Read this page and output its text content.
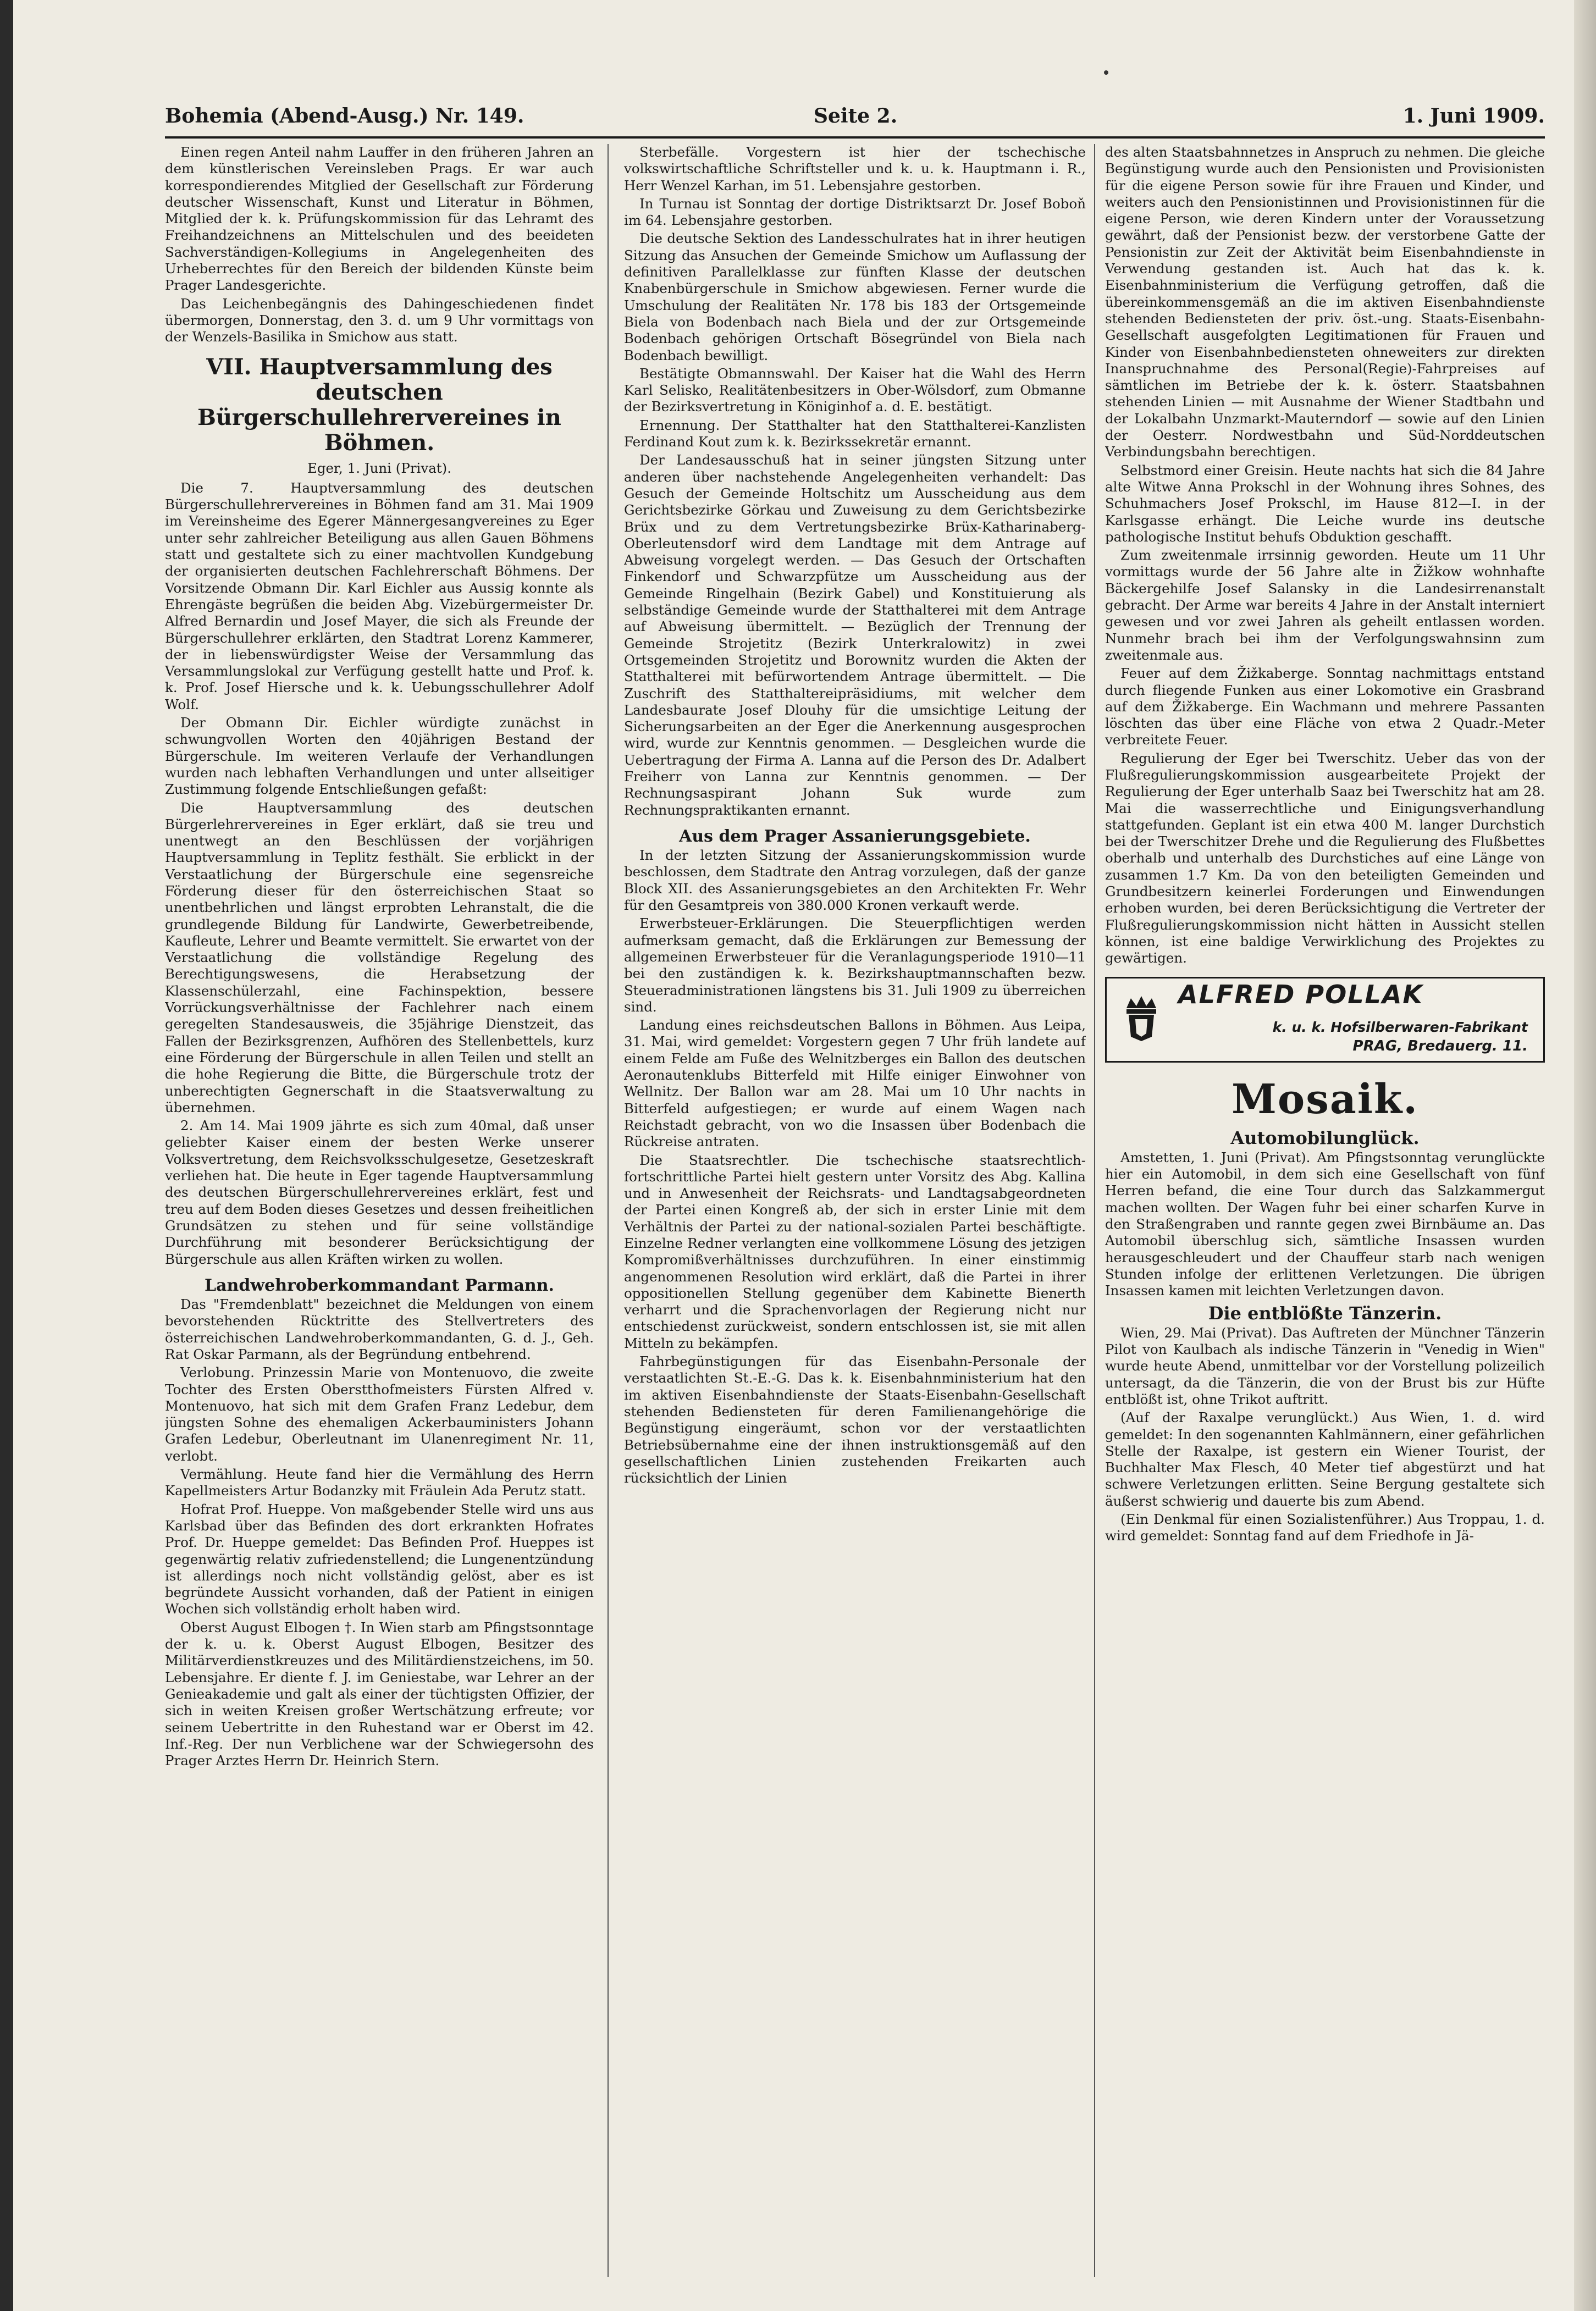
Bohemia (Abend-Ausg.) Nr. 149.	Seite 2.	1. Juni 1909.

Einen regen Anteil nahm Lauffer in den früheren Jahren an dem künstlerischen Vereinsleben Prags. Er war auch korrespondierendes Mitglied der Gesellschaft zur Förderung deutscher Wissenschaft, Kunst und Literatur in Böhmen, Mitglied der k. k. Prüfungskommission für das Lehramt des Freihandzeichnens an Mittelschulen und des beeideten Sachverständigen-Kollegiums in Angelegenheiten des Urheberrechtes für den Bereich der bildenden Künste beim Prager Landesgerichte.

Das Leichenbegängnis des Dahingeschiedenen findet übermorgen, Donnerstag, den 3. d. um 9 Uhr vormittags von der Wenzels-Basilika in Smichow aus statt.

VII. Hauptversammlung des deutschen Bürgerschullehrervereines in Böhmen.
Eger, 1. Juni (Privat).

Die 7. Hauptversammlung des deutschen Bürgerschullehrervereines in Böhmen fand am 31. Mai 1909 im Vereinsheime des Egerer Männergesangvereines zu Eger unter sehr zahlreicher Beteiligung aus allen Gauen Böhmens statt und gestaltete sich zu einer machtvollen Kundgebung der organisierten deutschen Fachlehrerschaft Böhmens. Der Vorsitzende Obmann Dir. Karl Eichler aus Aussig konnte als Ehrengäste begrüßen die beiden Abg. Vizebürgermeister Dr. Alfred Bernardin und Josef Mayer, die sich als Freunde der Bürgerschullehrer erklärten, den Stadtrat Lorenz Kammerer, der in liebenswürdigster Weise der Versammlung das Versammlungslokal zur Verfügung gestellt hatte und Prof. k. k. Prof. Josef Hiersche und k. k. Uebungsschullehrer Adolf Wolf.

Der Obmann Dir. Eichler würdigte zunächst in schwungvollen Worten den 40jährigen Bestand der Bürgerschule. Im weiteren Verlaufe der Verhandlungen wurden nach lebhaften Verhandlungen und unter allseitiger Zustimmung folgende Entschließungen gefaßt:

Die Hauptversammlung des deutschen Bürgerlehrervereines in Eger erklärt, daß sie treu und unentwegt an den Beschlüssen der vorjährigen Hauptversammlung in Teplitz festhält. Sie erblickt in der Verstaatlichung der Bürgerschule eine segensreiche Förderung dieser für den österreichischen Staat so unentbehrlichen und längst erprobten Lehranstalt, die die grundlegende Bildung für Landwirte, Gewerbetreibende, Kaufleute, Lehrer und Beamte vermittelt. Sie erwartet von der Verstaatlichung die vollständige Regelung des Berechtigungswesens, die Herabsetzung der Klassenschülerzahl, eine Fachinspektion, bessere Vorrückungsverhältnisse der Fachlehrer nach einem geregelten Standesausweis, die 35jährige Dienstzeit, das Fallen der Bezirksgrenzen, Aufhören des Stellenbettels, kurz eine Förderung der Bürgerschule in allen Teilen und stellt an die hohe Regierung die Bitte, die Bürgerschule trotz der unberechtigten Gegnerschaft in die Staatsverwaltung zu übernehmen.

2. Am 14. Mai 1909 jährte es sich zum 40mal, daß unser geliebter Kaiser einem der besten Werke unserer Volksvertretung, dem Reichsvolksschulgesetze, Gesetzeskraft verliehen hat. Die heute in Eger tagende Hauptversammlung des deutschen Bürgerschullehrervereines erklärt, fest und treu auf dem Boden dieses Gesetzes und dessen freiheitlichen Grundsätzen zu stehen und für seine vollständige Durchführung mit besonderer Berücksichtigung der Bürgerschule aus allen Kräften wirken zu wollen.

Landwehroberkommandant Parmann.

Das "Fremdenblatt" bezeichnet die Meldungen von einem bevorstehenden Rücktritte des Stellvertreters des österreichischen Landwehroberkommandanten, G. d. J., Geh. Rat Oskar Parmann, als der Begründung entbehrend.

Verlobung. Prinzessin Marie von Montenuovo, die zweite Tochter des Ersten Oberstthofmeisters Fürsten Alfred v. Montenuovo, hat sich mit dem Grafen Franz Ledebur, dem jüngsten Sohne des ehemaligen Ackerbauministers Johann Grafen Ledebur, Oberleutnant im Ulanenregiment Nr. 11, verlobt.

Vermählung. Heute fand hier die Vermählung des Herrn Kapellmeisters Artur Bodanzky mit Fräulein Ada Perutz statt.

Hofrat Prof. Hueppe. Von maßgebender Stelle wird uns aus Karlsbad über das Befinden des dort erkrankten Hofrates Prof. Dr. Hueppe gemeldet: Das Befinden Prof. Hueppes ist gegenwärtig relativ zufriedenstellend; die Lungenentzündung ist allerdings noch nicht vollständig gelöst, aber es ist begründete Aussicht vorhanden, daß der Patient in einigen Wochen sich vollständig erholt haben wird.

Oberst August Elbogen †. In Wien starb am Pfingstsonntage der k. u. k. Oberst August Elbogen, Besitzer des Militärverdienstkreuzes und des Militärdienstzeichens, im 50. Lebensjahre. Er diente f. J. im Geniestabe, war Lehrer an der Genieakademie und galt als einer der tüchtigsten Offizier, der sich in weiten Kreisen großer Wertschätzung erfreute; vor seinem Uebertritte in den Ruhestand war er Oberst im 42. Inf.-Reg. Der nun Verblichene war der Schwiegersohn des Prager Arztes Herrn Dr. Heinrich Stern.

Sterbefälle. Vorgestern ist hier der tschechische volkswirtschaftliche Schriftsteller und k. u. k. Hauptmann i. R., Herr Wenzel Karhan, im 51. Lebensjahre gestorben.

In Turnau ist Sonntag der dortige Distriktsarzt Dr. Josef Boboň im 64. Lebensjahre gestorben.

Die deutsche Sektion des Landesschulrates hat in ihrer heutigen Sitzung das Ansuchen der Gemeinde Smichow um Auflassung der definitiven Parallelklasse zur fünften Klasse der deutschen Knabenbürgerschule in Smichow abgewiesen. Ferner wurde die Umschulung der Realitäten Nr. 178 bis 183 der Ortsgemeinde Biela von Bodenbach nach Biela und der zur Ortsgemeinde Bodenbach gehörigen Ortschaft Bösegründel von Biela nach Bodenbach bewilligt.

Bestätigte Obmannswahl. Der Kaiser hat die Wahl des Herrn Karl Selisko, Realitätenbesitzers in Ober-Wölsdorf, zum Obmanne der Bezirksvertretung in Königinhof a. d. E. bestätigt.

Ernennung. Der Statthalter hat den Statthalterei-Kanzlisten Ferdinand Kout zum k. k. Bezirkssekretär ernannt.

Der Landesausschuß hat in seiner jüngsten Sitzung unter anderen über nachstehende Angelegenheiten verhandelt: Das Gesuch der Gemeinde Holtschitz um Ausscheidung aus dem Gerichtsbezirke Görkau und Zuweisung zu dem Gerichtsbezirke Brüx und zu dem Vertretungsbezirke Brüx-Katharinaberg-Oberleutensdorf wird dem Landtage mit dem Antrage auf Abweisung vorgelegt werden. — Das Gesuch der Ortschaften Finkendorf und Schwarzpfütze um Ausscheidung aus der Gemeinde Ringelhain (Bezirk Gabel) und Konstituierung als selbständige Gemeinde wurde der Statthalterei mit dem Antrage auf Abweisung übermittelt. — Bezüglich der Trennung der Gemeinde Strojetitz (Bezirk Unterkralowitz) in zwei Ortsgemeinden Strojetitz und Borownitz wurden die Akten der Statthalterei mit befürwortendem Antrage übermittelt. — Die Zuschrift des Statthaltereipräsidiums, mit welcher dem Landesbaurate Josef Dlouhy für die umsichtige Leitung der Sicherungsarbeiten an der Eger die Anerkennung ausgesprochen wird, wurde zur Kenntnis genommen. — Desgleichen wurde die Uebertragung der Firma A. Lanna auf die Person des Dr. Adalbert Freiherr von Lanna zur Kenntnis genommen. — Der Rechnungsaspirant Johann Suk wurde zum Rechnungspraktikanten ernannt.

Aus dem Prager Assanierungsgebiete.

In der letzten Sitzung der Assanierungskommission wurde beschlossen, dem Stadtrate den Antrag vorzulegen, daß der ganze Block XII. des Assanierungsgebietes an den Architekten Fr. Wehr für den Gesamtpreis von 380.000 Kronen verkauft werde.

Erwerbsteuer-Erklärungen. Die Steuerpflichtigen werden aufmerksam gemacht, daß die Erklärungen zur Bemessung der allgemeinen Erwerbsteuer für die Veranlagungsperiode 1910—11 bei den zuständigen k. k. Bezirkshauptmannschaften bezw. Steueradministrationen längstens bis 31. Juli 1909 zu überreichen sind.

Landung eines reichsdeutschen Ballons in Böhmen. Aus Leipa, 31. Mai, wird gemeldet: Vorgestern gegen 7 Uhr früh landete auf einem Felde am Fuße des Welnitzberges ein Ballon des deutschen Aeronautenklubs Bitterfeld mit Hilfe einiger Einwohner von Wellnitz. Der Ballon war am 28. Mai um 10 Uhr nachts in Bitterfeld aufgestiegen; er wurde auf einem Wagen nach Reichstadt gebracht, von wo die Insassen über Bodenbach die Rückreise antraten.

Die Staatsrechtler. Die tschechische staatsrechtlich-fortschrittliche Partei hielt gestern unter Vorsitz des Abg. Kallina und in Anwesenheit der Reichsrats- und Landtagsabgeordneten der Partei einen Kongreß ab, der sich in erster Linie mit dem Verhältnis der Partei zu der national-sozialen Partei beschäftigte. Einzelne Redner verlangten eine vollkommene Lösung des jetzigen Kompromißverhältnisses durchzuführen. In einer einstimmig angenommenen Resolution wird erklärt, daß die Partei in ihrer oppositionellen Stellung gegenüber dem Kabinette Bienerth verharrt und die Sprachenvorlagen der Regierung nicht nur entschiedenst zurückweist, sondern entschlossen ist, sie mit allen Mitteln zu bekämpfen.

Fahrbegünstigungen für das Eisenbahn-Personale der verstaatlichten St.-E.-G. Das k. k. Eisenbahnministerium hat den im aktiven Eisenbahndienste der Staats-Eisenbahn-Gesellschaft stehenden Bediensteten für deren Familienangehörige die Begünstigung eingeräumt, schon vor der verstaatlichten Betriebsübernahme eine der ihnen instruktionsgemäß auf den gesellschaftlichen Linien zustehenden Freikarten auch rücksichtlich der Linien

des alten Staatsbahnnetzes in Anspruch zu nehmen. Die gleiche Begünstigung wurde auch den Pensionisten und Provisionisten für die eigene Person sowie für ihre Frauen und Kinder, und weiters auch den Pensionistinnen und Provisionistinnen für die eigene Person, wie deren Kindern unter der Voraussetzung gewährt, daß der Pensionist bezw. der verstorbene Gatte der Pensionistin zur Zeit der Aktivität beim Eisenbahndienste in Verwendung gestanden ist. Auch hat das k. k. Eisenbahnministerium die Verfügung getroffen, daß die übereinkommensgemäß an die im aktiven Eisenbahndienste stehenden Bediensteten der priv. öst.-ung. Staats-Eisenbahn-Gesellschaft ausgefolgten Legitimationen für Frauen und Kinder von Eisenbahnbediensteten ohneweiters zur direkten Inanspruchnahme des Personal(Regie)-Fahrpreises auf sämtlichen im Betriebe der k. k. österr. Staatsbahnen stehenden Linien — mit Ausnahme der Wiener Stadtbahn und der Lokalbahn Unzmarkt-Mauterndorf — sowie auf den Linien der Oesterr. Nordwestbahn und Süd-Norddeutschen Verbindungsbahn berechtigen.

Selbstmord einer Greisin. Heute nachts hat sich die 84 Jahre alte Witwe Anna Prokschl in der Wohnung ihres Sohnes, des Schuhmachers Josef Prokschl, im Hause 812—I. in der Karlsgasse erhängt. Die Leiche wurde ins deutsche pathologische Institut behufs Obduktion geschafft.

Zum zweitenmale irrsinnig geworden. Heute um 11 Uhr vormittags wurde der 56 Jahre alte in Žižkow wohnhafte Bäckergehilfe Josef Salansky in die Landesirrenanstalt gebracht. Der Arme war bereits 4 Jahre in der Anstalt interniert gewesen und vor zwei Jahren als geheilt entlassen worden. Nunmehr brach bei ihm der Verfolgungswahnsinn zum zweitenmale aus.

Feuer auf dem Žižkaberge. Sonntag nachmittags entstand durch fliegende Funken aus einer Lokomotive ein Grasbrand auf dem Žižkaberge. Ein Wachmann und mehrere Passanten löschten das über eine Fläche von etwa 2 Quadr.-Meter verbreitete Feuer.

Regulierung der Eger bei Twerschitz. Ueber das von der Flußregulierungskommission ausgearbeitete Projekt der Regulierung der Eger unterhalb Saaz bei Twerschitz hat am 28. Mai die wasserrechtliche und Einigungsverhandlung stattgefunden. Geplant ist ein etwa 400 M. langer Durchstich bei der Twerschitzer Drehe und die Regulierung des Flußbettes oberhalb und unterhalb des Durchstiches auf eine Länge von zusammen 1.7 Km. Da von den beteiligten Gemeinden und Grundbesitzern keinerlei Forderungen und Einwendungen erhoben wurden, bei deren Berücksichtigung die Vertreter der Flußregulierungskommission nicht hätten in Aussicht stellen können, ist eine baldige Verwirklichung des Projektes zu gewärtigen.

ALFRED POLLAK
k. u. k. Hofsilberwaren-Fabrikant
PRAG, Bredauerg. 11.
Mosaik.
Automobilunglück.

Amstetten, 1. Juni (Privat). Am Pfingstsonntag verunglückte hier ein Automobil, in dem sich eine Gesellschaft von fünf Herren befand, die eine Tour durch das Salzkammergut machen wollten. Der Wagen fuhr bei einer scharfen Kurve in den Straßengraben und rannte gegen zwei Birnbäume an. Das Automobil überschlug sich, sämtliche Insassen wurden herausgeschleudert und der Chauffeur starb nach wenigen Stunden infolge der erlittenen Verletzungen. Die übrigen Insassen kamen mit leichten Verletzungen davon.

Die entblößte Tänzerin.

Wien, 29. Mai (Privat). Das Auftreten der Münchner Tänzerin Pilot von Kaulbach als indische Tänzerin in "Venedig in Wien" wurde heute Abend, unmittelbar vor der Vorstellung polizeilich untersagt, da die Tänzerin, die von der Brust bis zur Hüfte entblößt ist, ohne Trikot auftritt.

(Auf der Raxalpe verunglückt.) Aus Wien, 1. d. wird gemeldet: In den sogenannten Kahlmännern, einer gefährlichen Stelle der Raxalpe, ist gestern ein Wiener Tourist, der Buchhalter Max Flesch, 40 Meter tief abgestürzt und hat schwere Verletzungen erlitten. Seine Bergung gestaltete sich äußerst schwierig und dauerte bis zum Abend.

(Ein Denkmal für einen Sozialistenführer.) Aus Troppau, 1. d. wird gemeldet: Sonntag fand auf dem Friedhofe in Jä-
